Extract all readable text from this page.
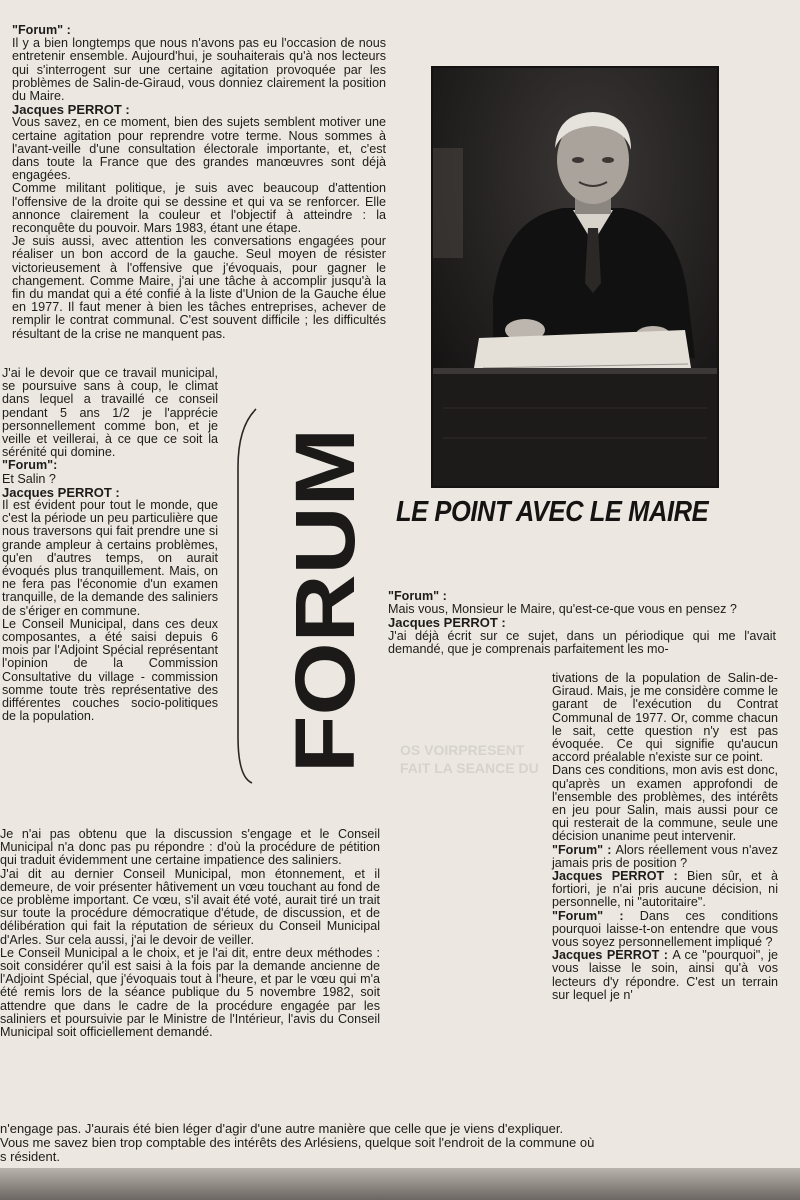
OS VOIRPRESENT
FAIT LA SEANCE DU
"Forum" :
Il y a bien longtemps que nous n'avons pas eu l'occasion de nous entretenir ensemble. Aujourd'hui, je souhaiterais qu'à nos lecteurs qui s'interrogent sur une certaine agitation provoquée par les problèmes de Salin-de-Giraud, vous donniez clairement la position du Maire.
Jacques PERROT :
Vous savez, en ce moment, bien des sujets semblent motiver une certaine agitation pour reprendre votre terme. Nous sommes à l'avant-veille d'une consultation électorale importante, et, c'est dans toute la France que des grandes manœuvres sont déjà engagées.
Comme militant politique, je suis avec beaucoup d'attention l'offensive de la droite qui se dessine et qui va se renforcer. Elle annonce clairement la couleur et l'objectif à atteindre : la reconquête du pouvoir. Mars 1983, étant une étape.
Je suis aussi, avec attention les conversations engagées pour réaliser un bon accord de la gauche. Seul moyen de résister victorieusement à l'offensive que j'évoquais, pour gagner le changement. Comme Maire, j'ai une tâche à accomplir jusqu'à la fin du mandat qui a été confié à la liste d'Union de la Gauche élue en 1977. Il faut mener à bien les tâches entreprises, achever de remplir le contrat communal. C'est souvent difficile ; les difficultés résultant de la crise ne manquent pas.
J'ai le devoir que ce travail municipal, se poursuive sans à coup, le climat dans lequel a travaillé ce conseil pendant 5 ans 1/2 je l'apprécie personnellement comme bon, et je veille et veillerai, à ce que ce soit la sérénité qui domine.
"Forum":
Et Salin ?
Jacques PERROT :
Il est évident pour tout le monde, que c'est la période un peu particulière que nous traversons qui fait prendre une si grande ampleur à certains problèmes, qu'en d'autres temps, on aurait évoqués plus tranquillement. Mais, on ne fera pas l'économie d'un examen tranquille, de la demande des saliniers de s'ériger en commune.
Le Conseil Municipal, dans ces deux composantes, a été saisi depuis 6 mois par l'Adjoint Spécial représentant l'opinion de la Commission Consultative du village - commission somme toute très représentative des différentes couches socio-politiques de la population.
Je n'ai pas obtenu que la discussion s'engage et le Conseil Municipal n'a donc pas pu répondre : d'où la procédure de pétition qui traduit évidemment une certaine impatience des saliniers.
J'ai dit au dernier Conseil Municipal, mon étonnement, et il demeure, de voir présenter hâtivement un vœu touchant au fond de ce problème important. Ce vœu, s'il avait été voté, aurait tiré un trait sur toute la procédure démocratique d'étude, de discussion, et de délibération qui fait la réputation de sérieux du Conseil Municipal d'Arles. Sur cela aussi, j'ai le devoir de veiller.
Le Conseil Municipal a le choix, et je l'ai dit, entre deux méthodes : soit considérer qu'il est saisi à la fois par la demande ancienne de l'Adjoint Spécial, que j'évoquais tout à l'heure, et par le vœu qui m'a été remis lors de la séance publique du 5 novembre 1982, soit attendre que dans le cadre de la procédure engagée par les saliniers et poursuivie par le Ministre de l'Intérieur, l'avis du Conseil Municipal soit officiellement demandé.
FORUM LE POINT AVEC LE MAIRE
"Forum" :
Mais vous, Monsieur le Maire, qu'est-ce-que vous en pensez ?
Jacques PERROT :
J'ai déjà écrit sur ce sujet, dans un périodique qui me l'avait demandé, que je comprenais parfaitement les mo-
tivations de la population de Salin-de-Giraud. Mais, je me considère comme le garant de l'exécution du Contrat Communal de 1977. Or, comme chacun le sait, cette question n'y est pas évoquée. Ce qui signifie qu'aucun accord préalable n'existe sur ce point.
Dans ces conditions, mon avis est donc, qu'après un examen approfondi de l'ensemble des problèmes, des intérêts en jeu pour Salin, mais aussi pour ce qui resterait de la commune, seule une décision unanime peut intervenir.
"Forum" : Alors réellement vous n'avez jamais pris de position ?
Jacques PERROT : Bien sûr, et à fortiori, je n'ai pris aucune décision, ni personnelle, ni "autoritaire".
"Forum" : Dans ces conditions pourquoi laisse-t-on entendre que vous vous soyez personnellement impliqué ?
Jacques PERROT : A ce "pourquoi", je vous laisse le soin, ainsi qu'à vos lecteurs d'y répondre. C'est un terrain sur lequel je n'
n'engage pas. J'aurais été bien léger d'agir d'une autre manière que celle que je viens d'expliquer.
Vous me savez bien trop comptable des intérêts des Arlésiens, quelque soit l'endroit de la commune où
s résident.
